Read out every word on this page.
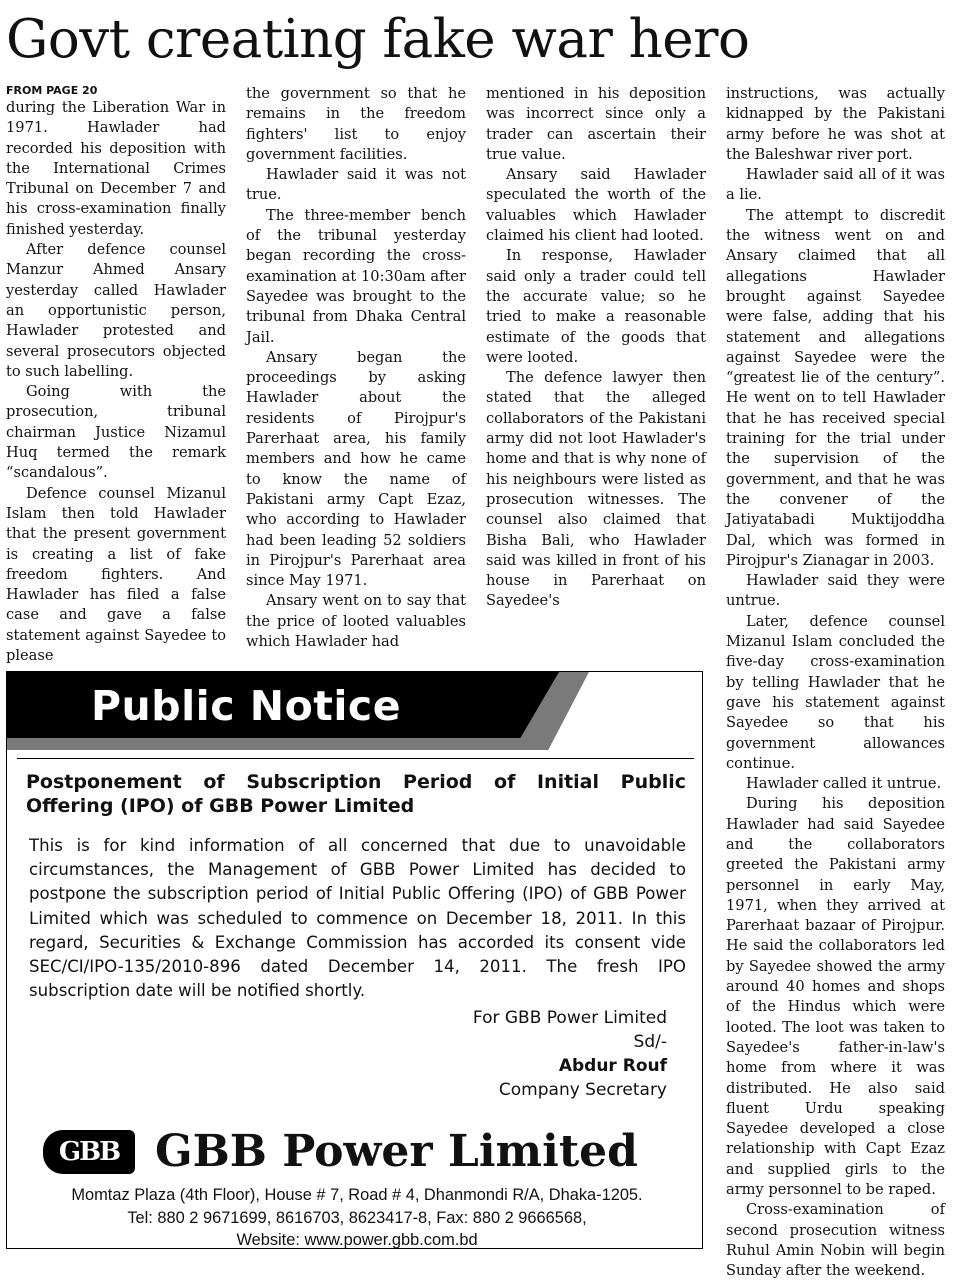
Govt creating fake war hero

FROM PAGE 20

during the Liberation War in 1971. Hawlader had recorded his deposition with the International Crimes Tribunal on December 7 and his cross-examination finally finished yesterday.

After defence counsel Manzur Ahmed Ansary yesterday called Hawlader an opportunistic person, Hawlader protested and several prosecutors objected to such labelling.

Going with the prosecution, tribunal chairman Justice Nizamul Huq termed the remark “scandalous”.

Defence counsel Mizanul Islam then told Hawlader that the present government is creating a list of fake freedom fighters. And Hawlader has filed a false case and gave a false statement against Sayedee to please

the government so that he remains in the freedom fighters' list to enjoy government facilities.

Hawlader said it was not true.

The three-member bench of the tribunal yesterday began recording the cross-examination at 10:30am after Sayedee was brought to the tribunal from Dhaka Central Jail.

Ansary began the proceedings by asking Hawlader about the residents of Pirojpur's Parerhaat area, his family members and how he came to know the name of Pakistani army Capt Ezaz, who according to Hawlader had been leading 52 soldiers in Pirojpur's Parerhaat area since May 1971.

Ansary went on to say that the price of looted valuables which Hawlader had

mentioned in his deposition was incorrect since only a trader can ascertain their true value.

Ansary said Hawlader speculated the worth of the valuables which Hawlader claimed his client had looted.

In response, Hawlader said only a trader could tell the accurate value; so he tried to make a reasonable estimate of the goods that were looted.

The defence lawyer then stated that the alleged collaborators of the Pakistani army did not loot Hawlader's home and that is why none of his neighbours were listed as prosecution witnesses. The counsel also claimed that Bisha Bali, who Hawlader said was killed in front of his house in Parerhaat on Sayedee's

instructions, was actually kidnapped by the Pakistani army before he was shot at the Baleshwar river port.

Hawlader said all of it was a lie.

The attempt to discredit the witness went on and Ansary claimed that all allegations Hawlader brought against Sayedee were false, adding that his statement and allegations against Sayedee were the “greatest lie of the century”. He went on to tell Hawlader that he has received special training for the trial under the supervision of the government, and that he was the convener of the Jatiyatabadi Muktijoddha Dal, which was formed in Pirojpur's Zianagar in 2003.

Hawlader said they were untrue.

Later, defence counsel Mizanul Islam concluded the five-day cross-examination by telling Hawlader that he gave his statement against Sayedee so that his government allowances continue.

Hawlader called it untrue.

During his deposition Hawlader had said Sayedee and the collaborators greeted the Pakistani army personnel in early May, 1971, when they arrived at Parerhaat bazaar of Pirojpur. He said the collaborators led by Sayedee showed the army around 40 homes and shops of the Hindus which were looted. The loot was taken to Sayedee's father-in-law's home from where it was distributed. He also said fluent Urdu speaking Sayedee developed a close relationship with Capt Ezaz and supplied girls to the army personnel to be raped.

Cross-examination of second prosecution witness Ruhul Amin Nobin will begin Sunday after the weekend.

Public Notice
Postponement of Subscription Period of Initial Public Offering (IPO) of GBB Power Limited
This is for kind information of all concerned that due to unavoidable circumstances, the Management of GBB Power Limited has decided to postpone the subscription period of Initial Public Offering (IPO) of GBB Power Limited which was scheduled to commence on December 18, 2011. In this regard, Securities & Exchange Commission has accorded its consent vide SEC/CI/IPO-135/2010-896 dated December 14, 2011. The fresh IPO subscription date will be notified shortly.
For GBB Power Limited
Sd/-
Abdur Rouf
Company Secretary
GBB GBB Power Limited
Momtaz Plaza (4th Floor), House # 7, Road # 4, Dhanmondi R/A, Dhaka-1205.
Tel: 880 2 9671699, 8616703, 8623417-8, Fax: 880 2 9666568,
Website: www.power.gbb.com.bd
